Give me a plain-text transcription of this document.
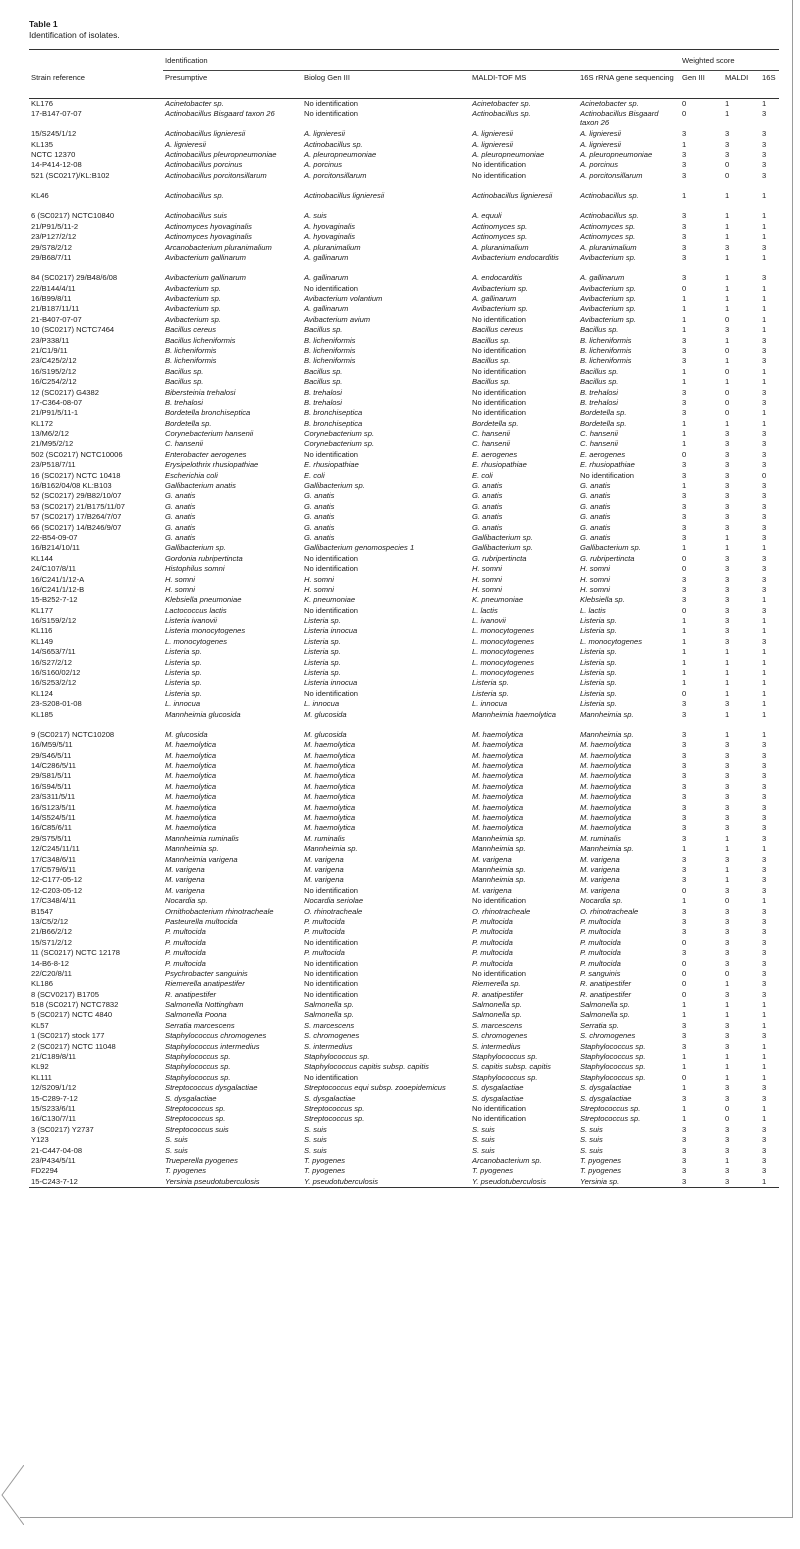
Table 1
Identification of isolates.
	Identification				Weighted score		
Strain reference	Presumptive	Biolog Gen III	MALDI-TOF MS	16S rRNA gene sequencing	Gen III	MALDI	16S
KL176	Acinetobacter sp.	No identification	Acinetobacter sp.	Acinetobacter sp.	0	1	1
17-B147-07-07	Actinobacillus Bisgaard taxon 26	No identification	Actinobacillus sp.	Actinobacillus Bisgaard taxon 26	0	1	3
15/S245/1/12	Actinobacillus lignieresii	A. lignieresii	A. lignieresii	A. lignieresii	3	3	3
KL135	A. lignieresii	Actinobacillus sp.	A. lignieresii	A. lignieresii	1	3	3
NCTC 12370	Actinobacillus pleuropneumoniae	A. pleuropneumoniae	A. pleuropneumoniae	A. pleuropneumoniae	3	3	3
14-P414-12-08	Actinobacillus porcinus	A. porcinus	No identification	A. porcinus	3	0	3
521 (SC0217)/KL:B102	Actinobacillus porcitonsillarum	A. porcitonsillarum	No identification	A. porcitonsillarum	3	0	3
KL46	Actinobacillus sp.	Actinobacillus lignieresii	Actinobacillus lignieresii	Actinobacillus sp.	1	1	1
6 (SC0217) NCTC10840	Actinobacillus suis	A. suis	A. equuli	Actinobacillus sp.	3	1	1
21/P91/5/11-2	Actinomyces hyovaginalis	A. hyovaginalis	Actinomyces sp.	Actinomyces sp.	3	1	1
23/P127/2/12	Actinomyces hyovaginalis	A. hyovaginalis	Actinomyces sp.	Actinomyces sp.	3	1	1
29/S78/2/12	Arcanobacterium pluranimalium	A. pluranimalium	A. pluranimalium	A. pluranimalium	3	3	3
29/B68/7/11	Avibacterium gallinarum	A. gallinarum	Avibacterium endocarditis	Avibacterium sp.	3	1	1
84 (SC0217) 29/B48/6/08	Avibacterium gallinarum	A. gallinarum	A. endocarditis	A. gallinarum	3	1	3
22/B144/4/11	Avibacterium sp.	No identification	Avibacterium sp.	Avibacterium sp.	0	1	1
16/B99/8/11	Avibacterium sp.	Avibacterium volantium	A. gallinarum	Avibacterium sp.	1	1	1
21/B187/11/11	Avibacterium sp.	A. gallinarum	Avibacterium sp.	Avibacterium sp.	1	1	1
21-B407-07-07	Avibacterium sp.	Avibacterium avium	No identification	Avibacterium sp.	1	0	1
10 (SC0217) NCTC7464	Bacillus cereus	Bacillus sp.	Bacillus cereus	Bacillus sp.	1	3	1
23/P338/11	Bacillus licheniformis	B. licheniformis	Bacillus sp.	B. licheniformis	3	1	3
21/C1/9/11	B. licheniformis	B. licheniformis	No identification	B. licheniformis	3	0	3
23/C425/2/12	B. licheniformis	B. licheniformis	Bacillus sp.	B. licheniformis	3	1	3
16/S195/2/12	Bacillus sp.	Bacillus sp.	No identification	Bacillus sp.	1	0	1
16/C254/2/12	Bacillus sp.	Bacillus sp.	Bacillus sp.	Bacillus sp.	1	1	1
12 (SC0217) G4382	Bibersteinia trehalosi	B. trehalosi	No identification	B. trehalosi	3	0	3
17-C364-08-07	B. trehalosi	B. trehalosi	No identification	B. trehalosi	3	0	3
21/P91/5/11-1	Bordetella bronchiseptica	B. bronchiseptica	No identification	Bordetella sp.	3	0	1
KL172	Bordetella sp.	B. bronchiseptica	Bordetella sp.	Bordetella sp.	1	1	1
13/M6/2/12	Corynebacterium hansenii	Corynebacterium sp.	C. hansenii	C. hansenii	1	3	3
21/M95/2/12	C. hansenii	Corynebacterium sp.	C. hansenii	C. hansenii	1	3	3
502 (SC0217) NCTC10006	Enterobacter aerogenes	No identification	E. aerogenes	E. aerogenes	0	3	3
23/P518/7/11	Erysipelothrix rhusiopathiae	E. rhusiopathiae	E. rhusiopathiae	E. rhusiopathiae	3	3	3
16 (SC0217) NCTC 10418	Escherichia coli	E. coli	E. coli	No identification	3	3	0
16/B162/04/08 KL:B103	Gallibacterium anatis	Gallibacterium sp.	G. anatis	G. anatis	1	3	3
52 (SC0217) 29/B82/10/07	G. anatis	G. anatis	G. anatis	G. anatis	3	3	3
53 (SC0217) 21/B175/11/07	G. anatis	G. anatis	G. anatis	G. anatis	3	3	3
57 (SC0217) 17/B264/7/07	G. anatis	G. anatis	G. anatis	G. anatis	3	3	3
66 (SC0217) 14/B246/9/07	G. anatis	G. anatis	G. anatis	G. anatis	3	3	3
22-B54-09-07	G. anatis	G. anatis	Gallibacterium sp.	G. anatis	3	1	3
16/B214/10/11	Gallibacterium sp.	Gallibacterium genomospecies 1	Gallibacterium sp.	Gallibacterium sp.	1	1	1
KL144	Gordonia rubripertincta	No identification	G. rubripertincta	G. rubripertincta	0	3	3
24/C107/8/11	Histophilus somni	No identification	H. somni	H. somni	0	3	3
16/C241/1/12-A	H. somni	H. somni	H. somni	H. somni	3	3	3
16/C241/1/12-B	H. somni	H. somni	H. somni	H. somni	3	3	3
15-B252-7-12	Klebsiella pneumoniae	K. pneumoniae	K. pneumoniae	Klebsiella sp.	3	3	1
KL177	Lactococcus lactis	No identification	L. lactis	L. lactis	0	3	3
16/S159/2/12	Listeria ivanovii	Listeria sp.	L. ivanovii	Listeria sp.	1	3	1
KL116	Listeria monocytogenes	Listeria innocua	L. monocytogenes	Listeria sp.	1	3	1
KL149	L. monocytogenes	Listeria sp.	L. monocytogenes	L. monocytogenes	1	3	3
14/S653/7/11	Listeria sp.	Listeria sp.	L. monocytogenes	Listeria sp.	1	1	1
16/S27/2/12	Listeria sp.	Listeria sp.	L. monocytogenes	Listeria sp.	1	1	1
16/S160/02/12	Listeria sp.	Listeria sp.	L. monocytogenes	Listeria sp.	1	1	1
16/S253/2/12	Listeria sp.	Listeria innocua	Listeria sp.	Listeria sp.	1	1	1
KL124	Listeria sp.	No identification	Listeria sp.	Listeria sp.	0	1	1
23-S208-01-08	L. innocua	L. innocua	L. innocua	Listeria sp.	3	3	1
KL185	Mannheimia glucosida	M. glucosida	Mannheimia haemolytica	Mannheimia sp.	3	1	1
9 (SC0217) NCTC10208	M. glucosida	M. glucosida	M. haemolytica	Mannheimia sp.	3	1	1
16/M59/5/11	M. haemolytica	M. haemolytica	M. haemolytica	M. haemolytica	3	3	3
29/S46/5/11	M. haemolytica	M. haemolytica	M. haemolytica	M. haemolytica	3	3	3
14/C286/5/11	M. haemolytica	M. haemolytica	M. haemolytica	M. haemolytica	3	3	3
29/S81/5/11	M. haemolytica	M. haemolytica	M. haemolytica	M. haemolytica	3	3	3
16/S94/5/11	M. haemolytica	M. haemolytica	M. haemolytica	M. haemolytica	3	3	3
23/S311/5/11	M. haemolytica	M. haemolytica	M. haemolytica	M. haemolytica	3	3	3
16/S123/5/11	M. haemolytica	M. haemolytica	M. haemolytica	M. haemolytica	3	3	3
14/S524/5/11	M. haemolytica	M. haemolytica	M. haemolytica	M. haemolytica	3	3	3
16/C85/6/11	M. haemolytica	M. haemolytica	M. haemolytica	M. haemolytica	3	3	3
29/S75/5/11	Mannheimia ruminalis	M. ruminalis	Mannheimia sp.	M. ruminalis	3	1	3
12/C245/11/11	Mannheimia sp.	Mannheimia sp.	Mannheimia sp.	Mannheimia sp.	1	1	1
17/C348/6/11	Mannheimia varigena	M. varigena	M. varigena	M. varigena	3	3	3
17/C579/6/11	M. varigena	M. varigena	Mannheimia sp.	M. varigena	3	1	3
12-C177-05-12	M. varigena	M. varigena	Mannheimia sp.	M. varigena	3	1	3
12-C203-05-12	M. varigena	No identification	M. varigena	M. varigena	0	3	3
17/C348/4/11	Nocardia sp.	Nocardia seriolae	No identification	Nocardia sp.	1	0	1
B1547	Ornithobacterium rhinotracheale	O. rhinotracheale	O. rhinotracheale	O. rhinotracheale	3	3	3
13/C5/2/12	Pasteurella multocida	P. multocida	P. multocida	P. multocida	3	3	3
21/B66/2/12	P. multocida	P. multocida	P. multocida	P. multocida	3	3	3
15/S71/2/12	P. multocida	No identification	P. multocida	P. multocida	0	3	3
11 (SC0217) NCTC 12178	P. multocida	P. multocida	P. multocida	P. multocida	3	3	3
14-B6-8-12	P. multocida	No identification	P. multocida	P. multocida	0	3	3
22/C20/8/11	Psychrobacter sanguinis	No identification	No identification	P. sanguinis	0	0	3
KL186	Riemerella anatipestifer	No identification	Riemerella sp.	R. anatipestifer	0	1	3
8 (SCV0217) B1705	R. anatipestifer	No identification	R. anatipestifer	R. anatipestifer	0	3	3
518 (SC0217) NCTC7832	Salmonella Nottingham	Salmonella sp.	Salmonella sp.	Salmonella sp.	1	1	1
5 (SC0217) NCTC 4840	Salmonella Poona	Salmonella sp.	Salmonella sp.	Salmonella sp.	1	1	1
KL57	Serratia marcescens	S. marcescens	S. marcescens	Serratia sp.	3	3	1
1 (SC0217) stock 177	Staphylococcus chromogenes	S. chromogenes	S. chromogenes	S. chromogenes	3	3	3
2 (SC0217) NCTC 11048	Staphylococcus intermedius	S. intermedius	S. intermedius	Staphylococcus sp.	3	3	1
21/C189/8/11	Staphylococcus sp.	Staphylococcus sp.	Staphylococcus sp.	Staphylococcus sp.	1	1	1
KL92	Staphylococcus sp.	Staphylococcus capitis subsp. capitis	S. capitis subsp. capitis	Staphylococcus sp.	1	1	1
KL111	Staphylococcus sp.	No identification	Staphylococcus sp.	Staphylococcus sp.	0	1	1
12/S209/1/12	Streptococcus dysgalactiae	Streptococcus equi subsp. zooepidemicus	S. dysgalactiae	S. dysgalactiae	1	3	3
15-C289-7-12	S. dysgalactiae	S. dysgalactiae	S. dysgalactiae	S. dysgalactiae	3	3	3
15/S233/6/11	Streptococcus sp.	Streptococcus sp.	No identification	Streptococcus sp.	1	0	1
16/C130/7/11	Streptococcus sp.	Streptococcus sp.	No identification	Streptococcus sp.	1	0	1
3 (SC0217) Y2737	Streptococcus suis	S. suis	S. suis	S. suis	3	3	3
Y123	S. suis	S. suis	S. suis	S. suis	3	3	3
21-C447-04-08	S. suis	S. suis	S. suis	S. suis	3	3	3
23/P434/5/11	Trueperella pyogenes	T. pyogenes	Arcanobacterium sp.	T. pyogenes	3	1	3
FD2294	T. pyogenes	T. pyogenes	T. pyogenes	T. pyogenes	3	3	3
15-C243-7-12	Yersinia pseudotuberculosis	Y. pseudotuberculosis	Y. pseudotuberculosis	Yersinia sp.	3	3	1
